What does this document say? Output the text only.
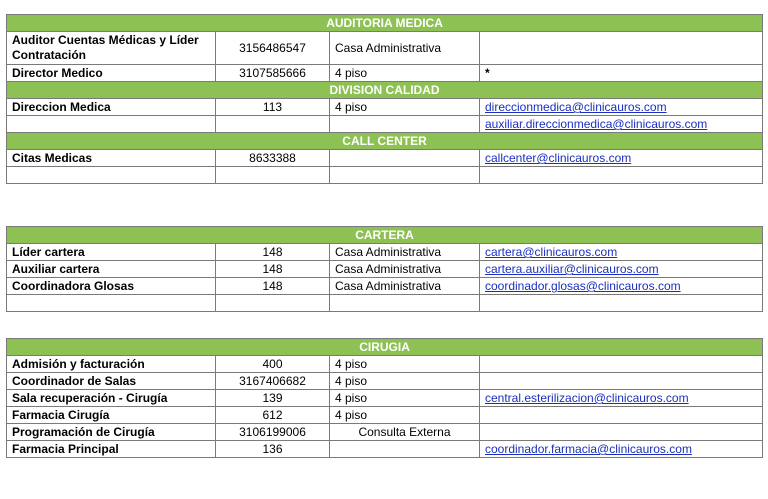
AUDITORIA MEDICA			
Auditor Cuentas Médicas y Líder Contratación	3156486547	Casa Administrativa	
Director Medico	3107585666	4 piso	*
DIVISION CALIDAD			
Direccion Medica	113	4 piso	direccionmedica@clinicauros.com
			auxiliar.direccionmedica@clinicauros.com
CALL CENTER			
Citas Medicas	8633388		callcenter@clinicauros.com

CARTERA			
Líder cartera	148	Casa Administrativa	cartera@clinicauros.com
Auxiliar cartera	148	Casa Administrativa	cartera.auxiliar@clinicauros.com
Coordinadora Glosas	148	Casa Administrativa	coordinador.glosas@clinicauros.com

CIRUGIA			
Admisión y facturación	400	4 piso	
Coordinador de Salas	3167406682	4 piso	
Sala recuperación - Cirugía	139	4 piso	central.esterilizacion@clinicauros.com
Farmacia Cirugía	612	4 piso	
Programación de Cirugía	3106199006	Consulta Externa	
Farmacia Principal	136		coordinador.farmacia@clinicauros.com
